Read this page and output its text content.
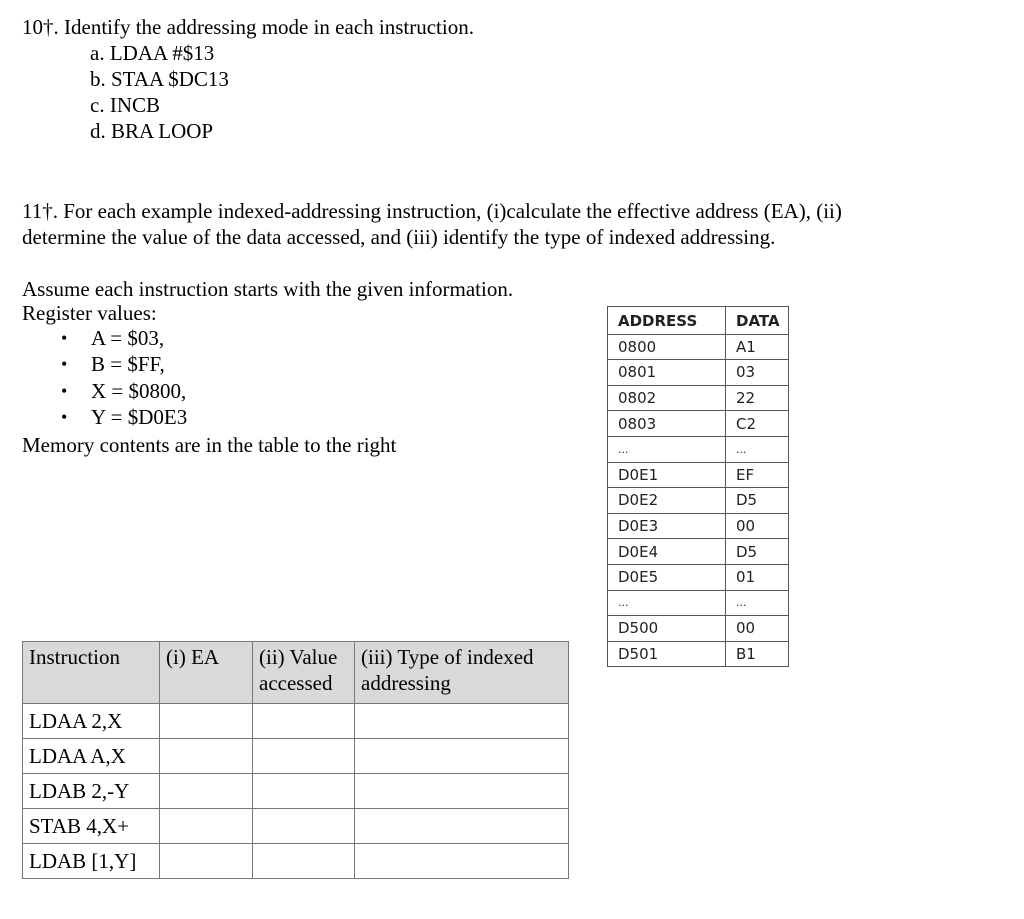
10†. Identify the addressing mode in each instruction.
a. LDAA #$13
b. STAA $DC13
c. INCB
d. BRA LOOP
11†. For each example indexed-addressing instruction, (i)calculate the effective address (EA), (ii)
determine the value of the data accessed, and (iii) identify the type of indexed addressing.
Assume each instruction starts with the given information.
Register values:
• A = $03,
• B = $FF,
• X = $0800,
• Y = $D0E3
Memory contents are in the table to the right
ADDRESS	DATA
0800	A1
0801	03
0802	22
0803	C2
...	...
D0E1	EF
D0E2	D5
D0E3	00
D0E4	D5
D0E5	01
...	...
D500	00
D501	B1
Instruction	(i) EA	(ii) Value accessed	(iii) Type of indexed addressing
LDAA 2,X			
LDAA A,X			
LDAB 2,-Y			
STAB 4,X+			
LDAB [1,Y]			
